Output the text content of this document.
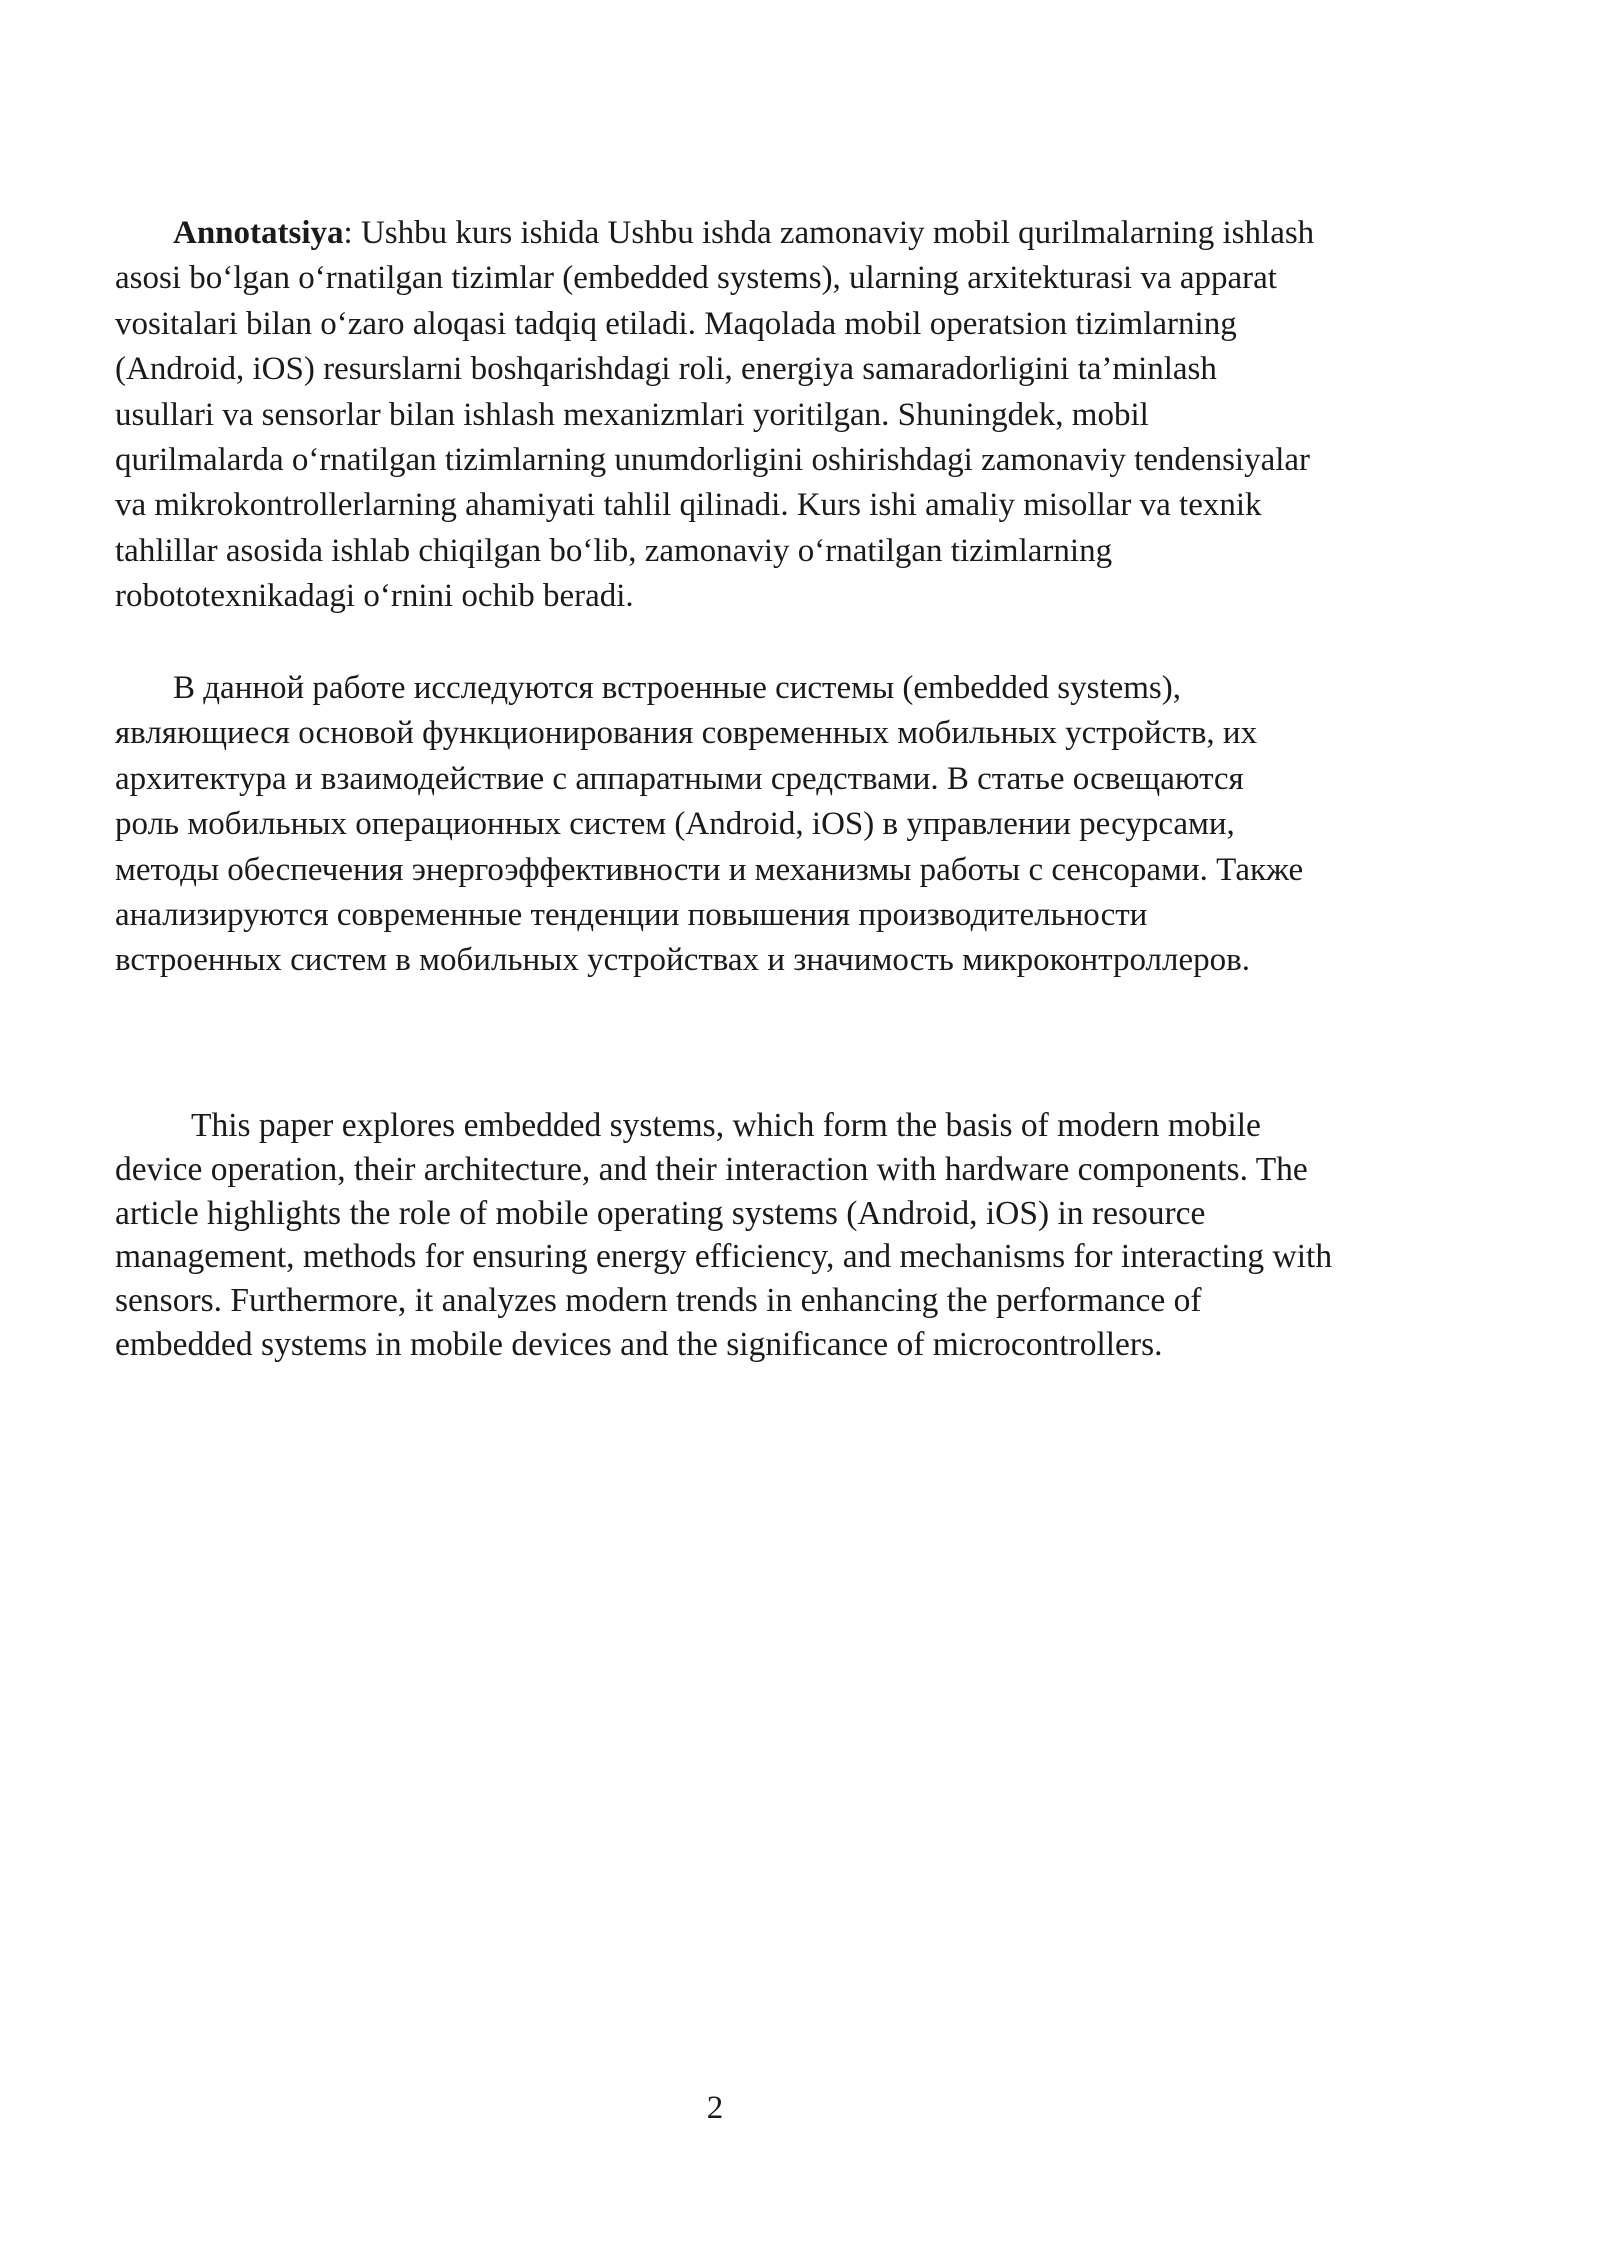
Annotatsiya: Ushbu kurs ishida Ushbu ishda zamonaviy mobil qurilmalarning ishlash
asosi bo‘lgan o‘rnatilgan tizimlar (embedded systems), ularning arxitekturasi va apparat
vositalari bilan o‘zaro aloqasi tadqiq etiladi. Maqolada mobil operatsion tizimlarning
(Android, iOS) resurslarni boshqarishdagi roli, energiya samaradorligini ta’minlash
usullari va sensorlar bilan ishlash mexanizmlari yoritilgan. Shuningdek, mobil
qurilmalarda o‘rnatilgan tizimlarning unumdorligini oshirishdagi zamonaviy tendensiyalar
va mikrokontrollerlarning ahamiyati tahlil qilinadi. Kurs ishi amaliy misollar va texnik
tahlillar asosida ishlab chiqilgan bo‘lib, zamonaviy o‘rnatilgan tizimlarning
robototexnikadagi o‘rnini ochib beradi.
В данной работе исследуются встроенные системы (embedded systems),
являющиеся основой функционирования современных мобильных устройств, их
архитектура и взаимодействие с аппаратными средствами. В статье освещаются
роль мобильных операционных систем (Android, iOS) в управлении ресурсами,
методы обеспечения энергоэффективности и механизмы работы с сенсорами. Также
анализируются современные тенденции повышения производительности
встроенных систем в мобильных устройствах и значимость микроконтроллеров.
This paper explores embedded systems, which form the basis of modern mobile
device operation, their architecture, and their interaction with hardware components. The
article highlights the role of mobile operating systems (Android, iOS) in resource
management, methods for ensuring energy efficiency, and mechanisms for interacting with
sensors. Furthermore, it analyzes modern trends in enhancing the performance of
embedded systems in mobile devices and the significance of microcontrollers.
2
